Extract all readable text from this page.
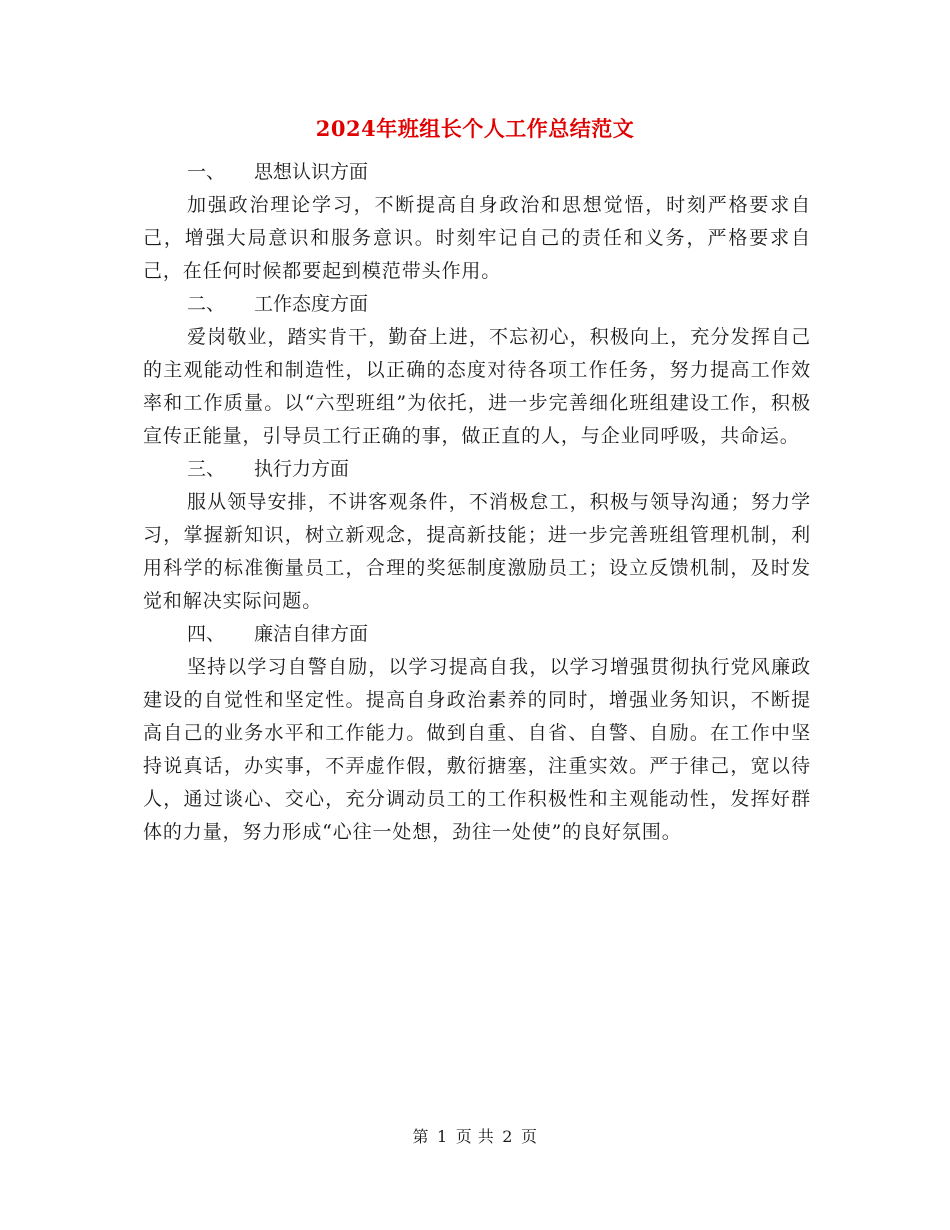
2024年班组长个人工作总结范文
一、 思想认识方面

加强政治理论学习，不断提高自身政治和思想觉悟，时刻严格要求自己，增强大局意识和服务意识。时刻牢记自己的责任和义务，严格要求自己，在任何时候都要起到模范带头作用。

二、 工作态度方面

爱岗敬业，踏实肯干，勤奋上进，不忘初心，积极向上，充分发挥自己的主观能动性和制造性，以正确的态度对待各项工作任务，努力提高工作效率和工作质量。以“六型班组”为依托，进一步完善细化班组建设工作，积极宣传正能量，引导员工行正确的事，做正直的人，与企业同呼吸，共命运。

三、 执行力方面

服从领导安排，不讲客观条件，不消极怠工，积极与领导沟通；努力学习，掌握新知识，树立新观念，提高新技能；进一步完善班组管理机制，利用科学的标准衡量员工，合理的奖惩制度激励员工；设立反馈机制，及时发觉和解决实际问题。

四、 廉洁自律方面

坚持以学习自警自励，以学习提高自我，以学习增强贯彻执行党风廉政建设的自觉性和坚定性。提高自身政治素养的同时，增强业务知识，不断提高自己的业务水平和工作能力。做到自重、自省、自警、自励。在工作中坚持说真话，办实事，不弄虚作假，敷衍搪塞，注重实效。严于律己，宽以待人，通过谈心、交心，充分调动员工的工作积极性和主观能动性，发挥好群体的力量，努力形成“心往一处想，劲往一处使”的良好氛围。

第 1 页 共 2 页
